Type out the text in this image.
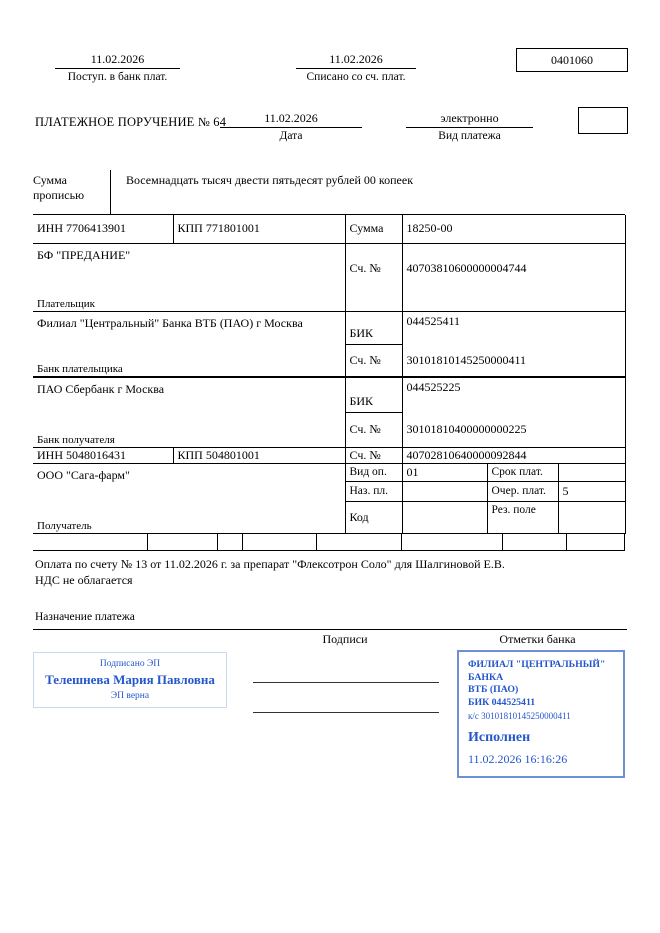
11.02.2026
Поступ. в банк плат.
11.02.2026
Списано со сч. плат.
0401060
ПЛАТЕЖНОЕ ПОРУЧЕНИЕ № 64	11.02.2026
Дата
электронно
Вид платежа
Сумма прописью
Восемнадцать тысяч двести пятьдесят рублей 00 копеек
ИНН 7706413901	КПП 771801001	Сумма	18250-00		

БФ "ПРЕДАНИЕ"
Плательщик		Сч. №	40703810600000004744		

Филиал "Центральный" Банка ВТБ (ПАО) г Москва
Банк плательщика		БИК	044525411		
		Сч. №	30101810145250000411		

ПАО Сбербанк г Москва
Банк получателя		БИК	044525225		
		Сч. №	30101810400000000225		
ИНН 5048016431	КПП 504801001	Сч. №	40702810640000092844		

ООО "Сага-фарм"
Получатель		Вид оп.	01	Срок плат.	
		Наз. пл.		Очер. плат.	5
		Код		Рез. поле	
Оплата по счету № 13 от 11.02.2026 г. за препарат "Флексотрон Соло" для Шалгиновой Е.В.
НДС не облагается
Назначение платежа
Подписи	Отметки банка
Подписано ЭП
Телешнева Мария Павловна
ЭП верна
ФИЛИАЛ "ЦЕНТРАЛЬНЫЙ" БАНКА
ВТБ (ПАО)
БИК 044525411
к/с 30101810145250000411
Исполнен
11.02.2026 16:16:26
